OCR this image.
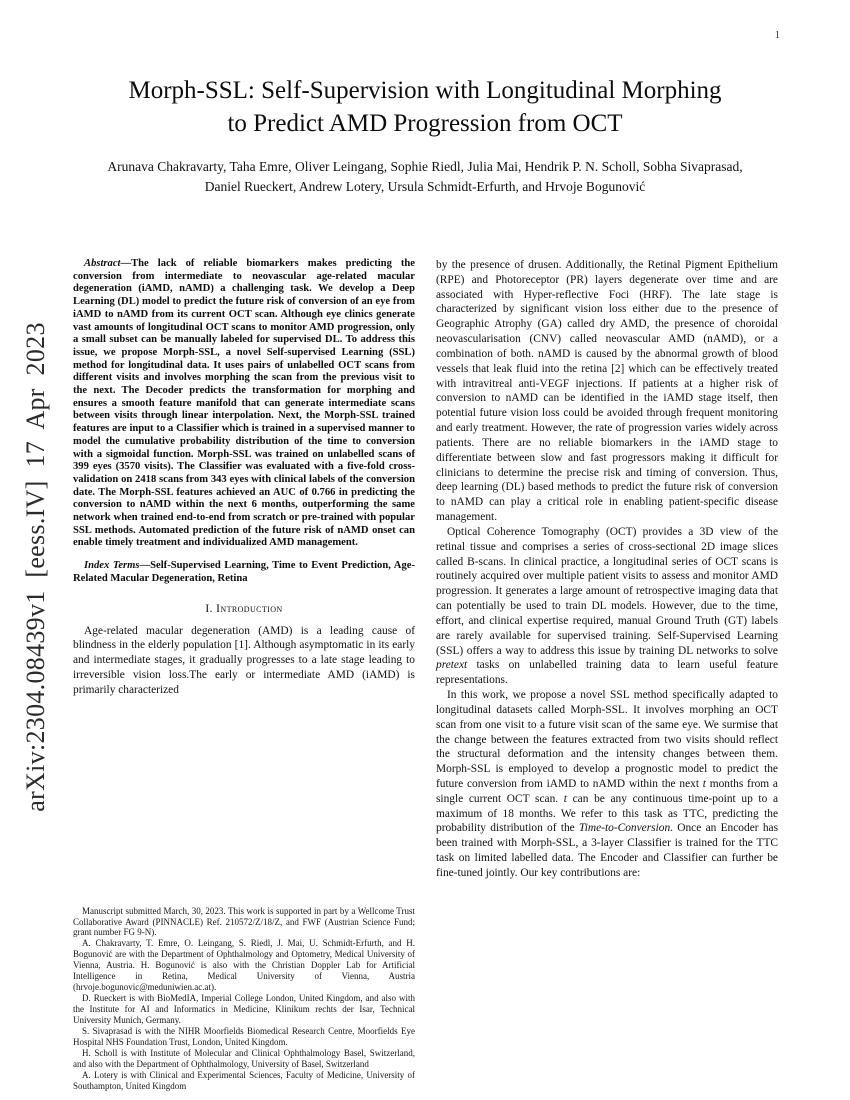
1
arXiv:2304.08439v1 [eess.IV] 17 Apr 2023
Morph-SSL: Self-Supervision with Longitudinal Morphing to Predict AMD Progression from OCT
Arunava Chakravarty, Taha Emre, Oliver Leingang, Sophie Riedl, Julia Mai, Hendrik P. N. Scholl, Sobha Sivaprasad, Daniel Rueckert, Andrew Lotery, Ursula Schmidt-Erfurth, and Hrvoje Bogunović

Abstract—The lack of reliable biomarkers makes predicting the conversion from intermediate to neovascular age-related macular degeneration (iAMD, nAMD) a challenging task. We develop a Deep Learning (DL) model to predict the future risk of conversion of an eye from iAMD to nAMD from its current OCT scan. Although eye clinics generate vast amounts of longitudinal OCT scans to monitor AMD progression, only a small subset can be manually labeled for supervised DL. To address this issue, we propose Morph-SSL, a novel Self-supervised Learning (SSL) method for longitudinal data. It uses pairs of unlabelled OCT scans from different visits and involves morphing the scan from the previous visit to the next. The Decoder predicts the transformation for morphing and ensures a smooth feature manifold that can generate intermediate scans between visits through linear interpolation. Next, the Morph-SSL trained features are input to a Classifier which is trained in a supervised manner to model the cumulative probability distribution of the time to conversion with a sigmoidal function. Morph-SSL was trained on unlabelled scans of 399 eyes (3570 visits). The Classifier was evaluated with a five-fold cross-validation on 2418 scans from 343 eyes with clinical labels of the conversion date. The Morph-SSL features achieved an AUC of 0.766 in predicting the conversion to nAMD within the next 6 months, outperforming the same network when trained end-to-end from scratch or pre-trained with popular SSL methods. Automated prediction of the future risk of nAMD onset can enable timely treatment and individualized AMD management.

Index Terms—Self-Supervised Learning, Time to Event Prediction, Age-Related Macular Degeneration, Retina

I. Introduction

Age-related macular degeneration (AMD) is a leading cause of blindness in the elderly population [1]. Although asymptomatic in its early and intermediate stages, it gradually progresses to a late stage leading to irreversible vision loss.The early or intermediate AMD (iAMD) is primarily characterized

Manuscript submitted March, 30, 2023. This work is supported in part by a Wellcome Trust Collaborative Award (PINNACLE) Ref. 210572/Z/18/Z, and FWF (Austrian Science Fund; grant number FG 9-N).

A. Chakravarty, T. Emre, O. Leingang, S. Riedl, J. Mai, U. Schmidt-Erfurth, and H. Bogunović are with the Department of Ophthalmology and Optometry, Medical University of Vienna, Austria. H. Bogunović is also with the Christian Doppler Lab for Artificial Intelligence in Retina, Medical University of Vienna, Austria (hrvoje.bogunovic@meduniwien.ac.at).

D. Rueckert is with BioMedIA, Imperial College London, United Kingdom, and also with the Institute for AI and Informatics in Medicine, Klinikum rechts der Isar, Technical University Munich, Germany.

S. Sivaprasad is with the NIHR Moorfields Biomedical Research Centre, Moorfields Eye Hospital NHS Foundation Trust, London, United Kingdom.

H. Scholl is with Institute of Molecular and Clinical Ophthalmology Basel, Switzerland, and also with the Department of Ophthalmology, University of Basel, Switzerland

A. Lotery is with Clinical and Experimental Sciences, Faculty of Medicine, University of Southampton, United Kingdom

by the presence of drusen. Additionally, the Retinal Pigment Epithelium (RPE) and Photoreceptor (PR) layers degenerate over time and are associated with Hyper-reflective Foci (HRF). The late stage is characterized by significant vision loss either due to the presence of Geographic Atrophy (GA) called dry AMD, the presence of choroidal neovascularisation (CNV) called neovascular AMD (nAMD), or a combination of both. nAMD is caused by the abnormal growth of blood vessels that leak fluid into the retina [2] which can be effectively treated with intravitreal anti-VEGF injections. If patients at a higher risk of conversion to nAMD can be identified in the iAMD stage itself, then potential future vision loss could be avoided through frequent monitoring and early treatment. However, the rate of progression varies widely across patients. There are no reliable biomarkers in the iAMD stage to differentiate between slow and fast progressors making it difficult for clinicians to determine the precise risk and timing of conversion. Thus, deep learning (DL) based methods to predict the future risk of conversion to nAMD can play a critical role in enabling patient-specific disease management.

Optical Coherence Tomography (OCT) provides a 3D view of the retinal tissue and comprises a series of cross-sectional 2D image slices called B-scans. In clinical practice, a longitudinal series of OCT scans is routinely acquired over multiple patient visits to assess and monitor AMD progression. It generates a large amount of retrospective imaging data that can potentially be used to train DL models. However, due to the time, effort, and clinical expertise required, manual Ground Truth (GT) labels are rarely available for supervised training. Self-Supervised Learning (SSL) offers a way to address this issue by training DL networks to solve pretext tasks on unlabelled training data to learn useful feature representations.

In this work, we propose a novel SSL method specifically adapted to longitudinal datasets called Morph-SSL. It involves morphing an OCT scan from one visit to a future visit scan of the same eye. We surmise that the change between the features extracted from two visits should reflect the structural deformation and the intensity changes between them. Morph-SSL is employed to develop a prognostic model to predict the future conversion from iAMD to nAMD within the next t months from a single current OCT scan. t can be any continuous time-point up to a maximum of 18 months. We refer to this task as TTC, predicting the probability distribution of the Time-to-Conversion. Once an Encoder has been trained with Morph-SSL, a 3-layer Classifier is trained for the TTC task on limited labelled data. The Encoder and Classifier can further be fine-tuned jointly. Our key contributions are:
